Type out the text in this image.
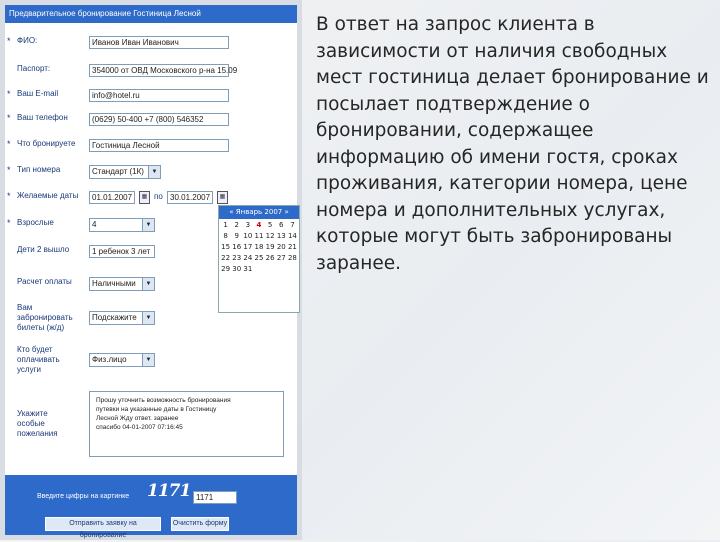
Предварительное бронирование Гостиница Лесной
* ФИО:	Иванов Иван Иванович
Паспорт:	354000 от ОВД Московского р-на 15.09
* Ваш E-mail	info@hotel.ru
* Ваш телефон	(0629) 50-400 +7 (800) 546352
* Что бронируете	Гостиница Лесной
* Тип номера	Стандарт (1К)	▼
* Желаемые даты	01.01.2007	▦ по 30.01.2007	▦
* Взрослые	4	▼
Дети 2 вышло	1 ребенок 3 лет
Расчет оплаты	Наличными	▼
Вам забронировать билеты (ж/д)
Подскажите	▼
Кто будет оплачивать услуги
Физ.лицо	▼
Укажите особые пожелания
Прошу уточнить возможность бронирования
путевки на указанные даты в Гостиницу
Лесной Жду ответ. заранее
спасибо 04-01-2007 07:16:45
Введите цифры на картинке 1171 1171
Отправить заявку на бронирование
Очистить форму
« Январь 2007 »
1 2 3 4 5 6 7
8 9 10 11 12 13 14
15 16 17 18 19 20 21
22 23 24 25 26 27 28
29 30 31
В ответ на запрос клиента в зависимости от наличия свободных мест гостиница делает бронирование и посылает подтверждение о бронировании, содержащее информацию об имени гостя, сроках проживания, категории номера, цене номера и дополнительных услугах, которые могут быть забронированы заранее.
